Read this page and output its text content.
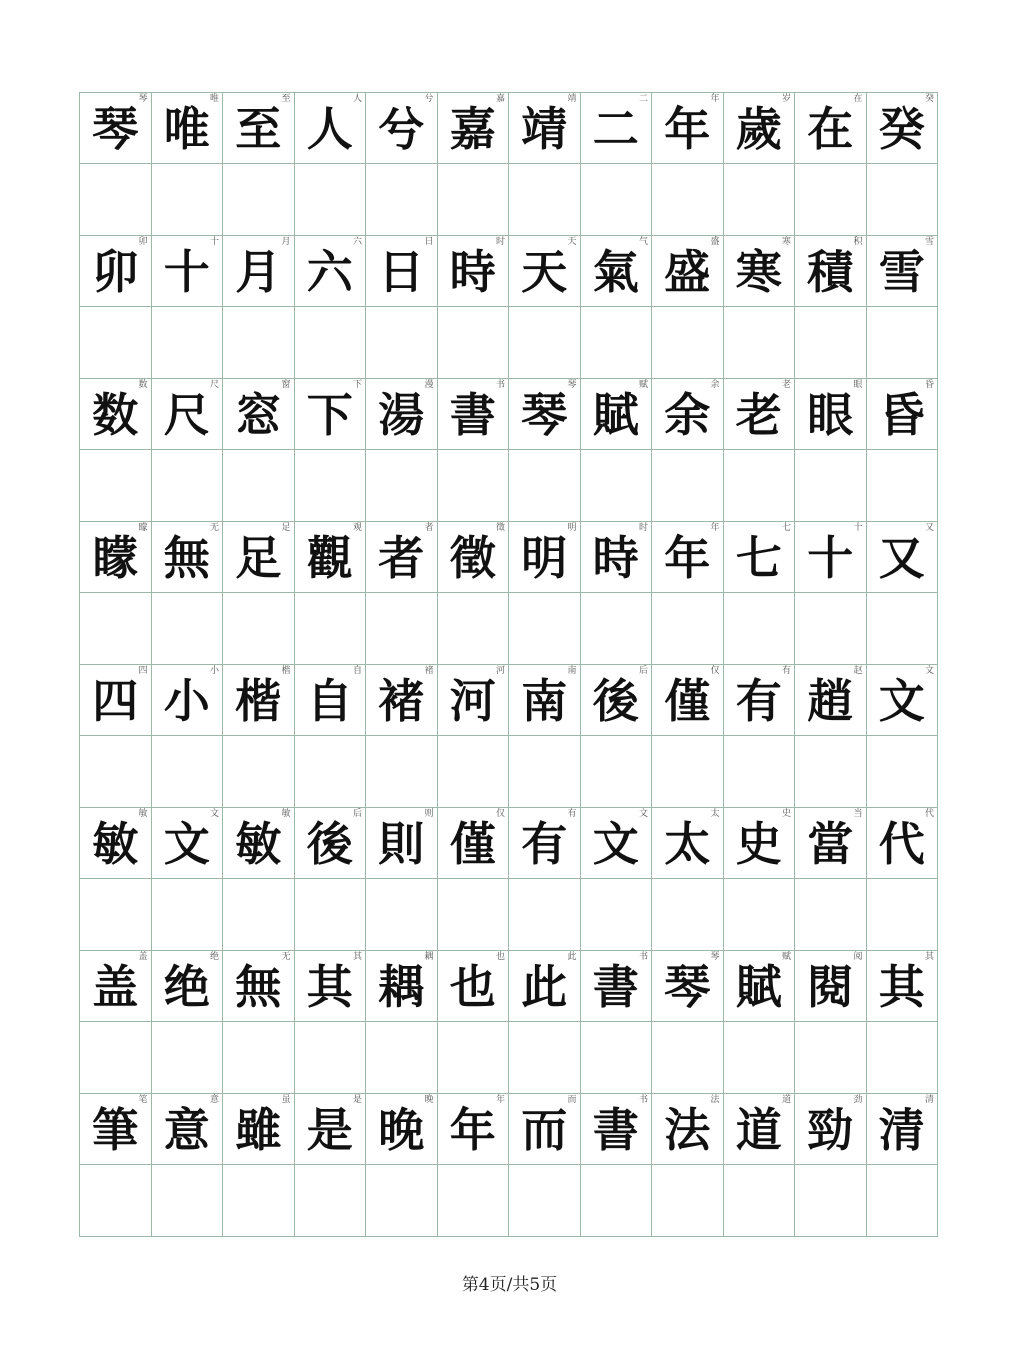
琴
琴
唯
唯
至
至
人
人
兮
兮
嘉
嘉
靖
靖
二
二
年
年
岁
歲
在
在
癸
癸
卯
卯
十
十
月
月
六
六
日
日
时
時
天
天
气
氣
盛
盛
寒
寒
积
積
雪
雪
数
数
尺
尺
窗
窓
下
下
漫
湯
书
書
琴
琴
赋
賦
余
余
老
老
眼
眼
昏
昏
矇
矇
无
無
足
足
观
觀
者
者
徵
徵
明
明
时
時
年
年
七
七
十
十
又
又
四
四
小
小
楷
楷
自
自
褚
褚
河
河
南
南
后
後
仅
僅
有
有
赵
趙
文
文
敏
敏
文
文
敏
敏
后
後
则
則
仅
僅
有
有
文
文
太
太
史
史
当
當
代
代
盖
盖
绝
绝
无
無
其
其
耦
耦
也
也
此
此
书
書
琴
琴
赋
賦
阅
閱
其
其
笔
筆
意
意
虽
雖
是
是
晚
晚
年
年
而
而
书
書
法
法
道
道
劲
勁
清
清
第4页/共5页
